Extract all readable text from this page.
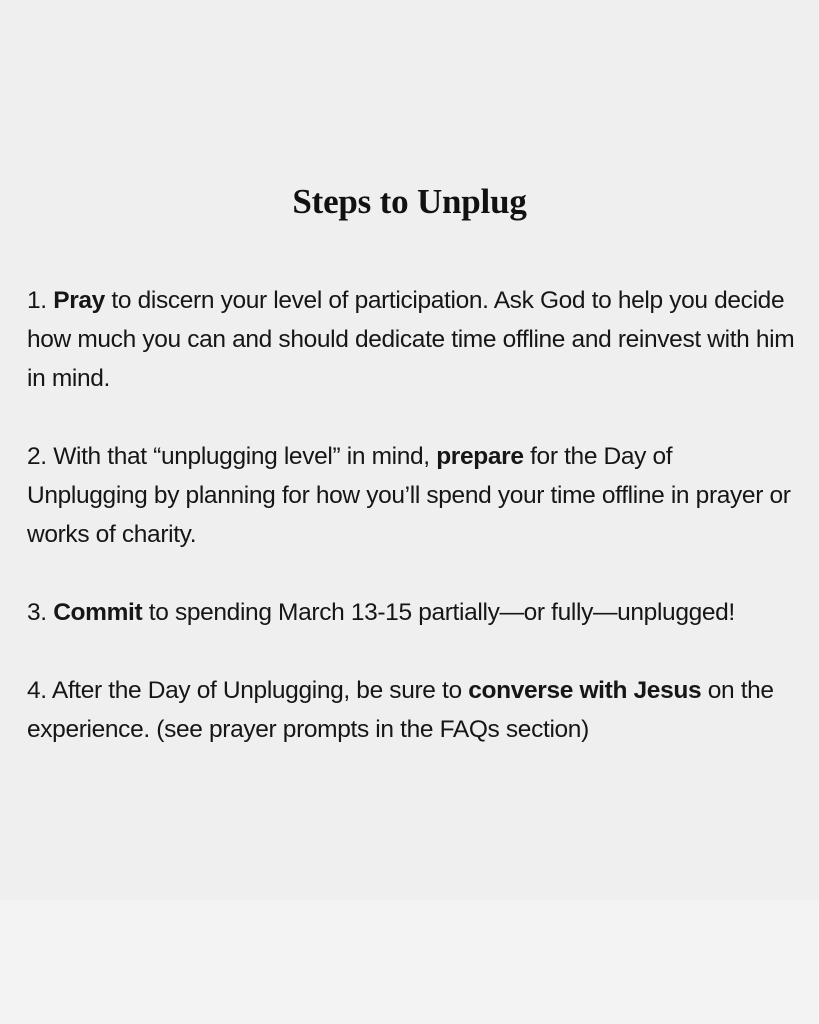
Steps to Unplug
1. Pray to discern your level of participation. Ask God to help you decide how much you can and should dedicate time offline and reinvest with him in mind.
2. With that “unplugging level” in mind, prepare for the Day of Unplugging by planning for how you’ll spend your time offline in prayer or works of charity.
3. Commit to spending March 13-15 partially—or fully—unplugged!
4. After the Day of Unplugging, be sure to converse with Jesus on the experience. (see prayer prompts in the FAQs section)
